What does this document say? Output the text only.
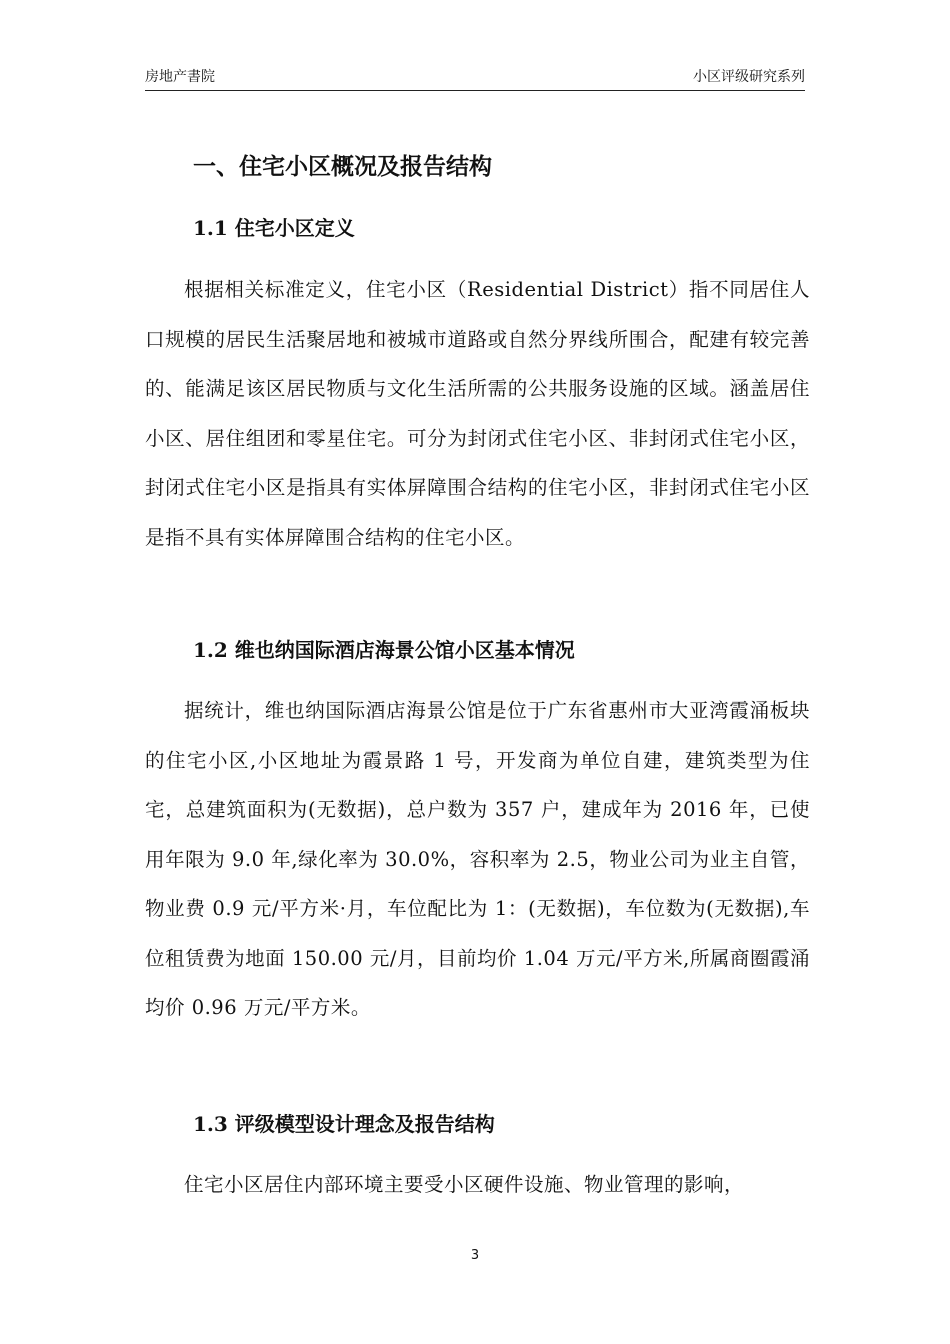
房地产書院	小区评级研究系列
一、住宅小区概况及报告结构
1.1 住宅小区定义
根据相关标准定义，住宅小区（Residential District）指不同居住人口规模的居民生活聚居地和被城市道路或自然分界线所围合，配建有较完善的、能满足该区居民物质与文化生活所需的公共服务设施的区域。涵盖居住小区、居住组团和零星住宅。可分为封闭式住宅小区、非封闭式住宅小区，封闭式住宅小区是指具有实体屏障围合结构的住宅小区，非封闭式住宅小区是指不具有实体屏障围合结构的住宅小区。
1.2 维也纳国际酒店海景公馆小区基本情况
据统计，维也纳国际酒店海景公馆是位于广东省惠州市大亚湾霞涌板块的住宅小区,小区地址为霞景路 1 号，开发商为单位自建，建筑类型为住宅，总建筑面积为(无数据)，总户数为 357 户，建成年为 2016 年，已使用年限为 9.0 年,绿化率为 30.0%，容积率为 2.5，物业公司为业主自管，物业费 0.9 元/平方米·月，车位配比为 1：(无数据)，车位数为(无数据),车位租赁费为地面 150.00 元/月，目前均价 1.04 万元/平方米,所属商圈霞涌均价 0.96 万元/平方米。
1.3 评级模型设计理念及报告结构
住宅小区居住内部环境主要受小区硬件设施、物业管理的影响，
3
